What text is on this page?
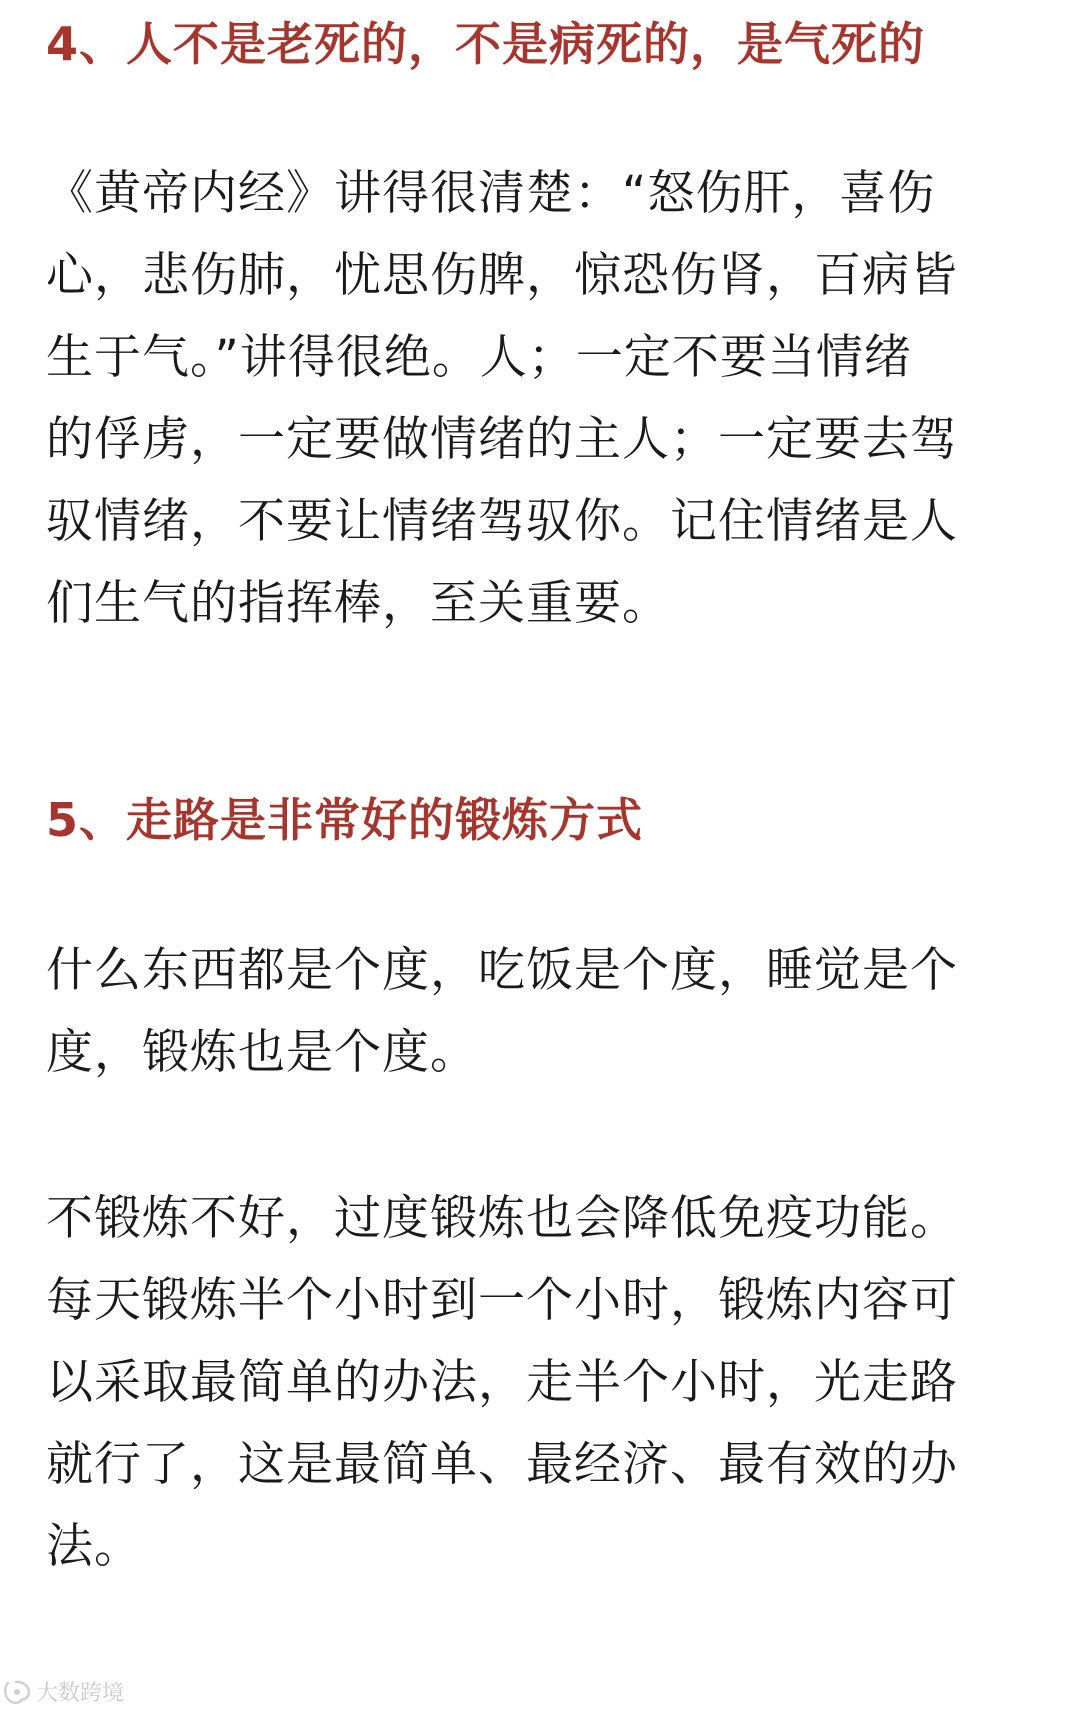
4、人不是老死的，不是病死的，是气死的

《黄帝内经》讲得很清楚：“怒伤肝，喜伤
心，悲伤肺，忧思伤脾，惊恐伤肾，百病皆
生于气。”讲得很绝。人；一定不要当情绪
的俘虏，一定要做情绪的主人；一定要去驾
驭情绪，不要让情绪驾驭你。记住情绪是人
们生气的指挥棒，至关重要。

5、走路是非常好的锻炼方式

什么东西都是个度，吃饭是个度，睡觉是个
度，锻炼也是个度。

不锻炼不好，过度锻炼也会降低免疫功能。
每天锻炼半个小时到一个小时，锻炼内容可
以采取最简单的办法，走半个小时，光走路
就行了，这是最简单、最经济、最有效的办
法。

大数跨境
